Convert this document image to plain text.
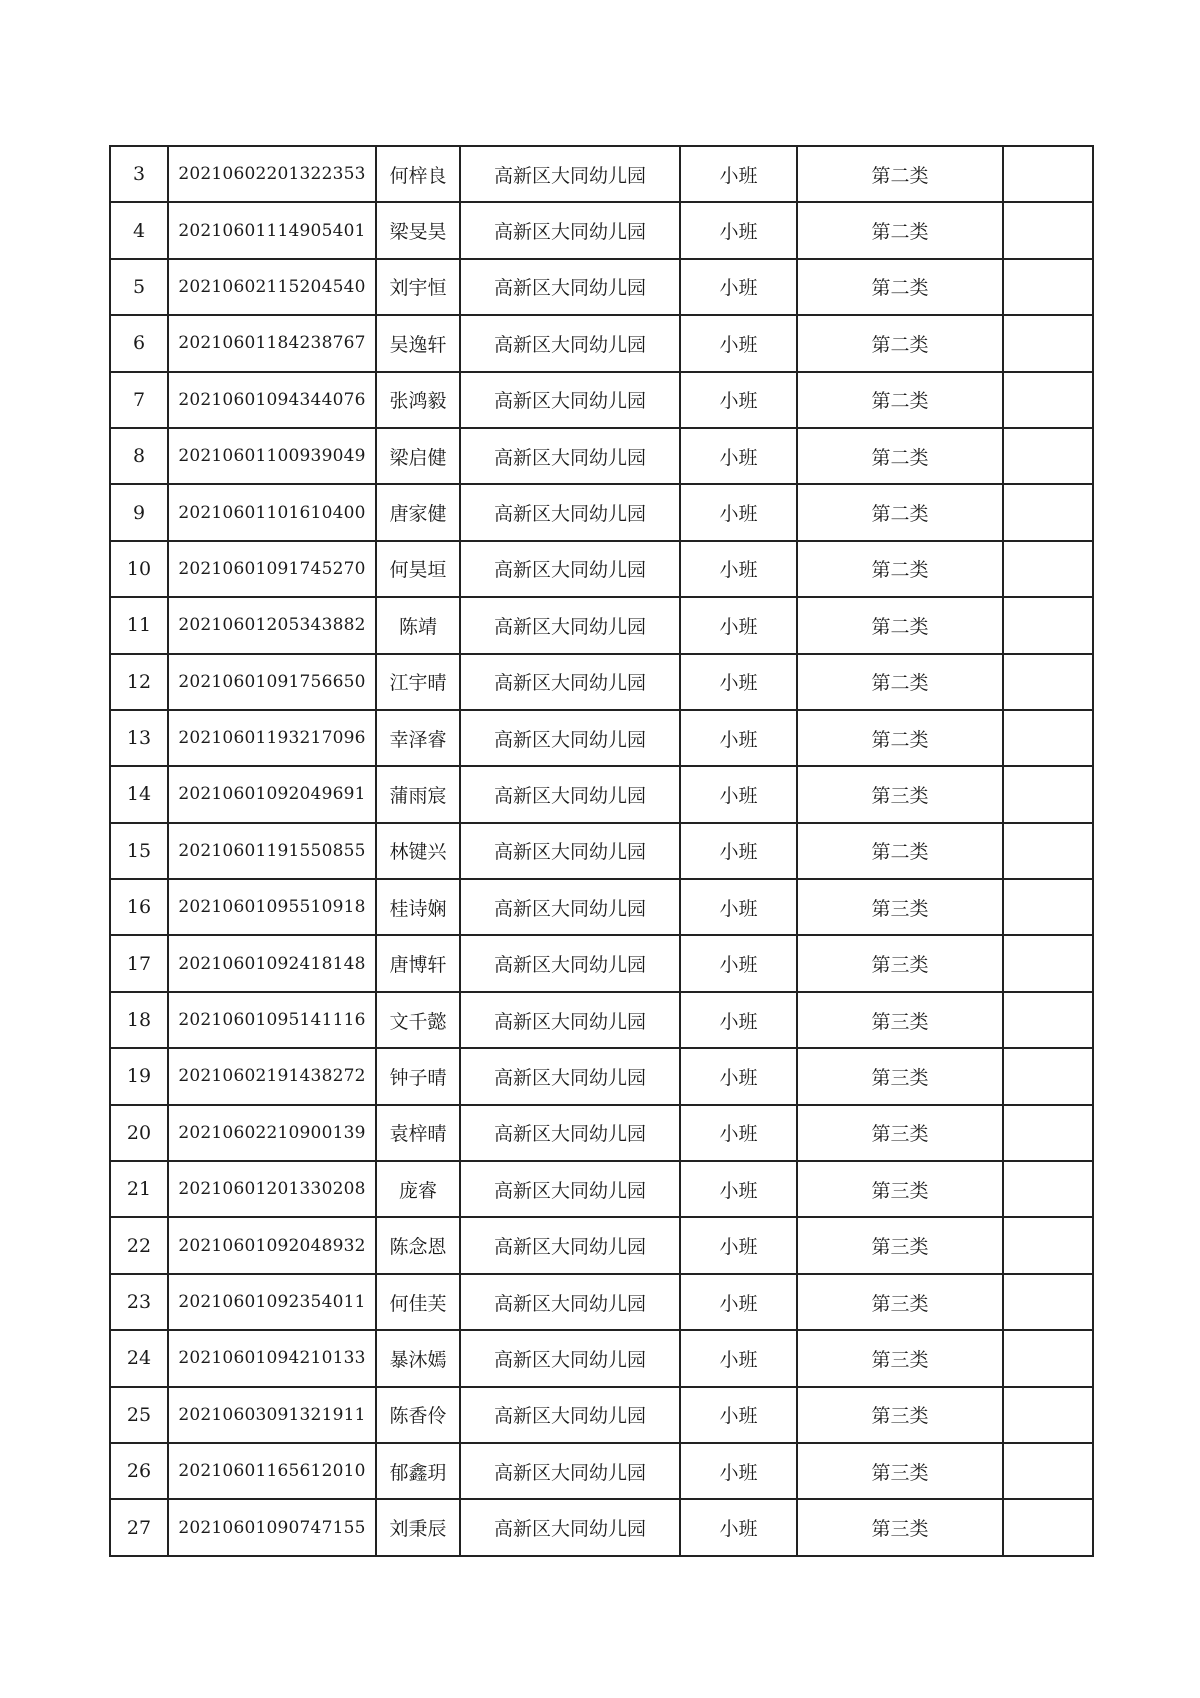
3	20210602201322353	何梓良	高新区大同幼儿园	小班	第二类	
4	20210601114905401	梁旻昊	高新区大同幼儿园	小班	第二类	
5	20210602115204540	刘宇恒	高新区大同幼儿园	小班	第二类	
6	20210601184238767	吴逸轩	高新区大同幼儿园	小班	第二类	
7	20210601094344076	张鸿毅	高新区大同幼儿园	小班	第二类	
8	20210601100939049	梁启健	高新区大同幼儿园	小班	第二类	
9	20210601101610400	唐家健	高新区大同幼儿园	小班	第二类	
10	20210601091745270	何昊垣	高新区大同幼儿园	小班	第二类	
11	20210601205343882	陈靖	高新区大同幼儿园	小班	第二类	
12	20210601091756650	江宇晴	高新区大同幼儿园	小班	第二类	
13	20210601193217096	幸泽睿	高新区大同幼儿园	小班	第二类	
14	20210601092049691	蒲雨宸	高新区大同幼儿园	小班	第三类	
15	20210601191550855	林键兴	高新区大同幼儿园	小班	第二类	
16	20210601095510918	桂诗娴	高新区大同幼儿园	小班	第三类	
17	20210601092418148	唐博轩	高新区大同幼儿园	小班	第三类	
18	20210601095141116	文千懿	高新区大同幼儿园	小班	第三类	
19	20210602191438272	钟子晴	高新区大同幼儿园	小班	第三类	
20	20210602210900139	袁梓晴	高新区大同幼儿园	小班	第三类	
21	20210601201330208	庞睿	高新区大同幼儿园	小班	第三类	
22	20210601092048932	陈念恩	高新区大同幼儿园	小班	第三类	
23	20210601092354011	何佳芙	高新区大同幼儿园	小班	第三类	
24	20210601094210133	暴沐嫣	高新区大同幼儿园	小班	第三类	
25	20210603091321911	陈香伶	高新区大同幼儿园	小班	第三类	
26	20210601165612010	郁鑫玥	高新区大同幼儿园	小班	第三类	
27	20210601090747155	刘秉辰	高新区大同幼儿园	小班	第三类	
